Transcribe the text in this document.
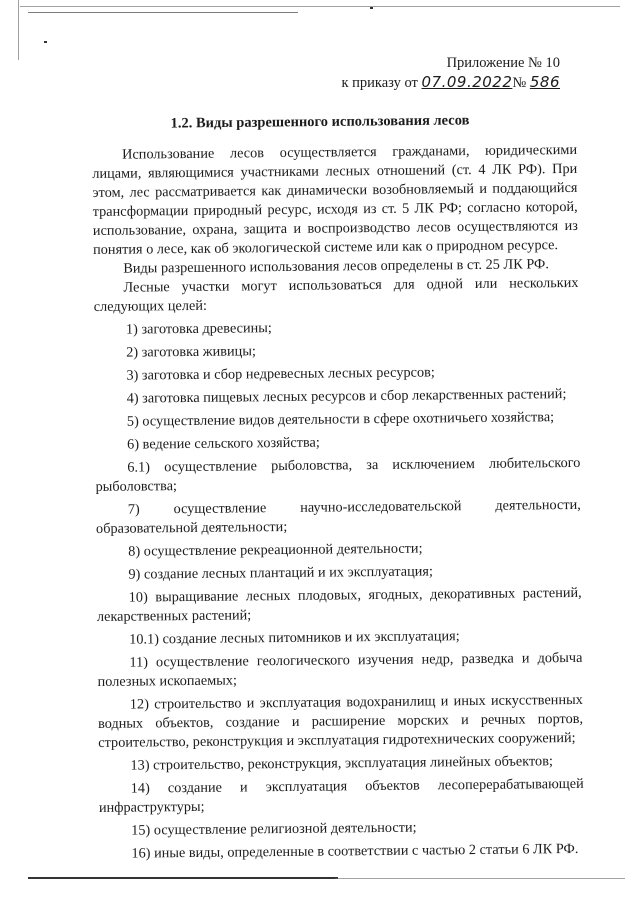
Приложение № 10
к приказу от 07.09.2022№ 586
1.2. Виды разрешенного использования лесов

Использование лесов осуществляется гражданами, юридическими лицами, являющимися участниками лесных отношений (ст. 4 ЛК РФ). При этом, лес рассматривается как динамически возобновляемый и поддающийся трансформации природный ресурс, исходя из ст. 5 ЛК РФ; согласно которой, использование, охрана, защита и воспроизводство лесов осуществляются из понятия о лесе, как об экологической системе или как о природном ресурсе.

Виды разрешенного использования лесов определены в ст. 25 ЛК РФ.

Лесные участки могут использоваться для одной или нескольких следующих целей:

1) заготовка древесины;

2) заготовка живицы;

3) заготовка и сбор недревесных лесных ресурсов;

4) заготовка пищевых лесных ресурсов и сбор лекарственных растений;

5) осуществление видов деятельности в сфере охотничьего хозяйства;

6) ведение сельского хозяйства;

6.1) осуществление рыболовства, за исключением любительского рыболовства;

7) осуществление научно-исследовательской деятельности, образовательной деятельности;

8) осуществление рекреационной деятельности;

9) создание лесных плантаций и их эксплуатация;

10) выращивание лесных плодовых, ягодных, декоративных растений, лекарственных растений;

10.1) создание лесных питомников и их эксплуатация;

11) осуществление геологического изучения недр, разведка и добыча полезных ископаемых;

12) строительство и эксплуатация водохранилищ и иных искусственных водных объектов, создание и расширение морских и речных портов, строительство, реконструкция и эксплуатация гидротехнических сооружений;

13) строительство, реконструкция, эксплуатация линейных объектов;

14) создание и эксплуатация объектов лесоперерабатывающей инфраструктуры;

15) осуществление религиозной деятельности;

16) иные виды, определенные в соответствии с частью 2 статьи 6 ЛК РФ.
